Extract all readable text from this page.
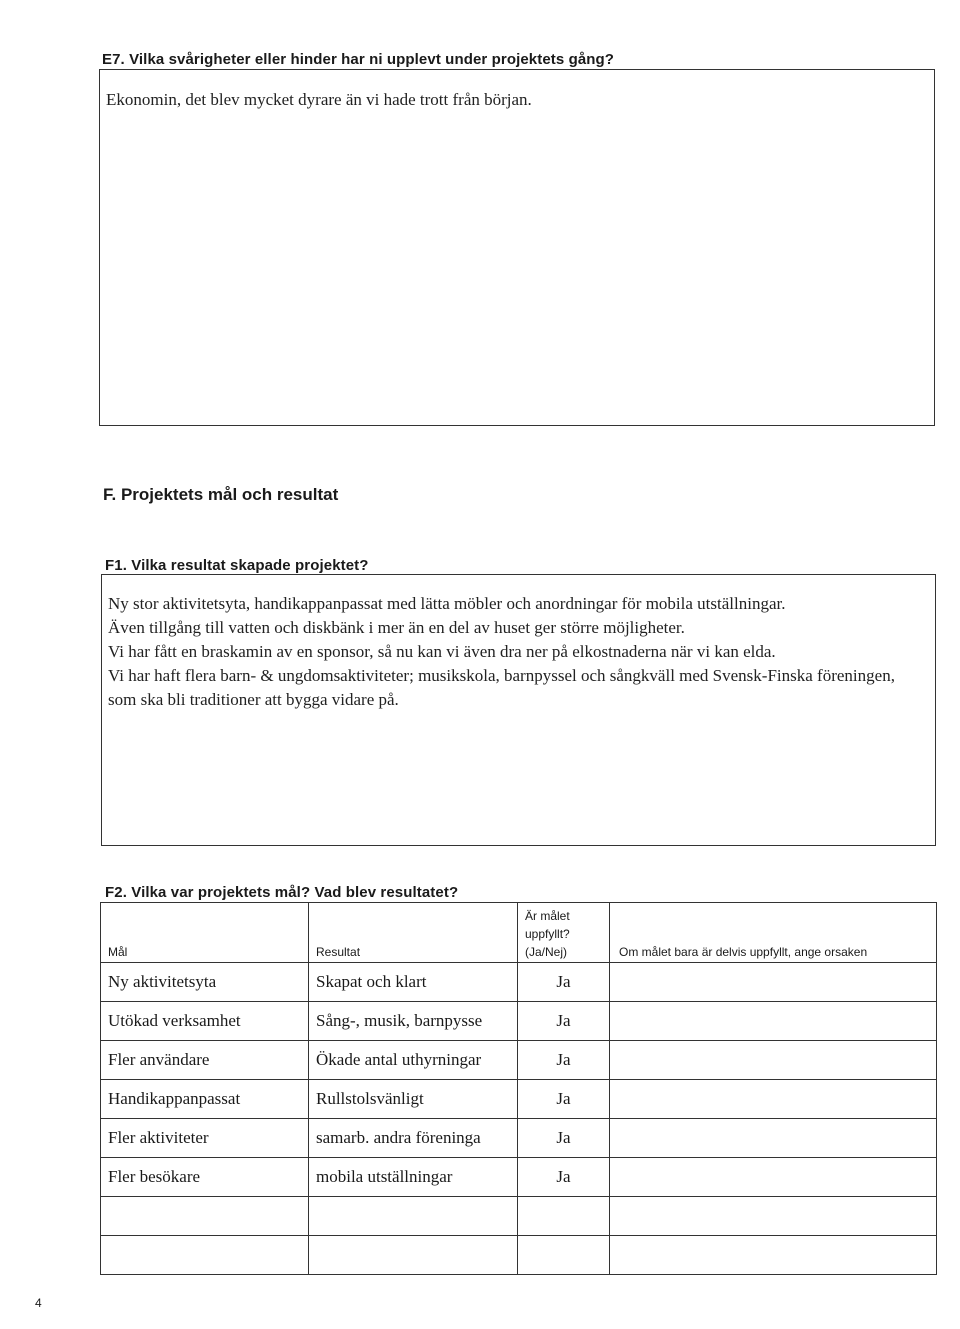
E7. Vilka svårigheter eller hinder har ni upplevt under projektets gång?
Ekonomin, det blev mycket dyrare än vi hade trott från början.
F. Projektets mål och resultat
F1. Vilka resultat skapade projektet?

Ny stor aktivitetsyta, handikappanpassat med lätta möbler och anordningar för mobila utställningar.

Även tillgång till vatten och diskbänk i mer än en del av huset ger större möjligheter.

Vi har fått en braskamin av en sponsor, så nu kan vi även dra ner på elkostnaderna när vi kan elda.

Vi har haft flera barn- & ungdomsaktiviteter; musikskola, barnpyssel och sångkväll med Svensk-Finska föreningen, som ska bli traditioner att bygga vidare på.

F2. Vilka var projektets mål? Vad blev resultatet?
Mål	Resultat	Är målet uppfyllt? (Ja/Nej)	Om målet bara är delvis uppfyllt, ange orsaken
Ny aktivitetsyta	Skapat och klart	Ja	
Utökad verksamhet	Sång-, musik, barnpysse	Ja	
Fler användare	Ökade antal uthyrningar	Ja	
Handikappanpassat	Rullstolsvänligt	Ja	
Fler aktiviteter	samarb. andra föreninga	Ja	
Fler besökare	mobila utställningar	Ja	

4
